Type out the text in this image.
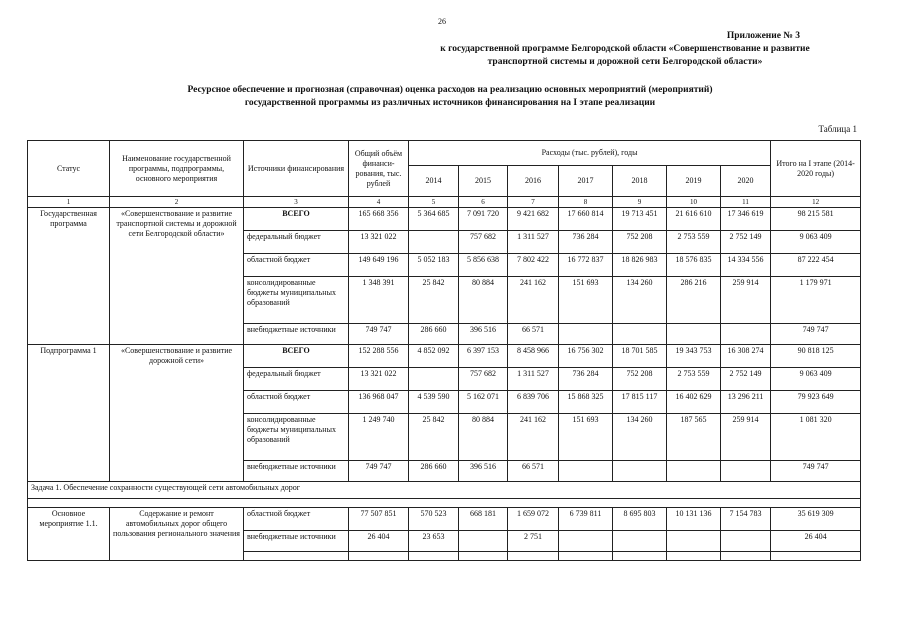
26
Приложение № 3
к государственной программе Белгородской области «Совершенствование и развитие
транспортной системы и дорожной сети Белгородской области»
Ресурсное обеспечение и прогнозная (справочная) оценка расходов на реализацию основных мероприятий (мероприятий)
государственной программы из различных источников финансирования на I этапе реализации
Таблица 1
Статус	Наименование государственной программы, подпрограммы, основного мероприятия	Источники финансирования	Общий объём финанси-рования, тыс. рублей	Расходы (тыс. рублей), годы							Итого на I этапе (2014-2020 годы)
				2014	2015	2016	2017	2018	2019	2020	
1	2	3	4	5	6	7	8	9	10	11	12
Государственная программа	«Совершенствование и развитие транспортной системы и дорожной сети Белгородской области»	ВСЕГО	165 668 356	5 364 685	7 091 720	9 421 682	17 660 814	19 713 451	21 616 610	17 346 619	98 215 581
		федеральный бюджет	13 321 022		757 682	1 311 527	736 284	752 208	2 753 559	2 752 149	9 063 409
		областной бюджет	149 649 196	5 052 183	5 856 638	7 802 422	16 772 837	18 826 983	18 576 835	14 334 556	87 222 454
		консолидированные бюджеты муниципальных образований	1 348 391	25 842	80 884	241 162	151 693	134 260	286 216	259 914	1 179 971
		внебюджетные источники	749 747	286 660	396 516	66 571					749 747
Подпрограмма 1	«Совершенствование и развитие дорожной сети»	ВСЕГО	152 288 556	4 852 092	6 397 153	8 458 966	16 756 302	18 701 585	19 343 753	16 308 274	90 818 125
		федеральный бюджет	13 321 022		757 682	1 311 527	736 284	752 208	2 753 559	2 752 149	9 063 409
		областной бюджет	136 968 047	4 539 590	5 162 071	6 839 706	15 868 325	17 815 117	16 402 629	13 296 211	79 923 649
		консолидированные бюджеты муниципальных образований	1 249 740	25 842	80 884	241 162	151 693	134 260	187 565	259 914	1 081 320
		внебюджетные источники	749 747	286 660	396 516	66 571					749 747
Задача 1. Обеспечение сохранности существующей сети автомобильных дорог											

Основное мероприятие 1.1.	Содержание и ремонт автомобильных дорог общего пользования регионального значения	областной бюджет	77 507 851	570 523	668 181	1 659 072	6 739 811	8 695 803	10 131 136	7 154 783	35 619 309
		внебюджетные источники	26 404	23 653		2 751					26 404
